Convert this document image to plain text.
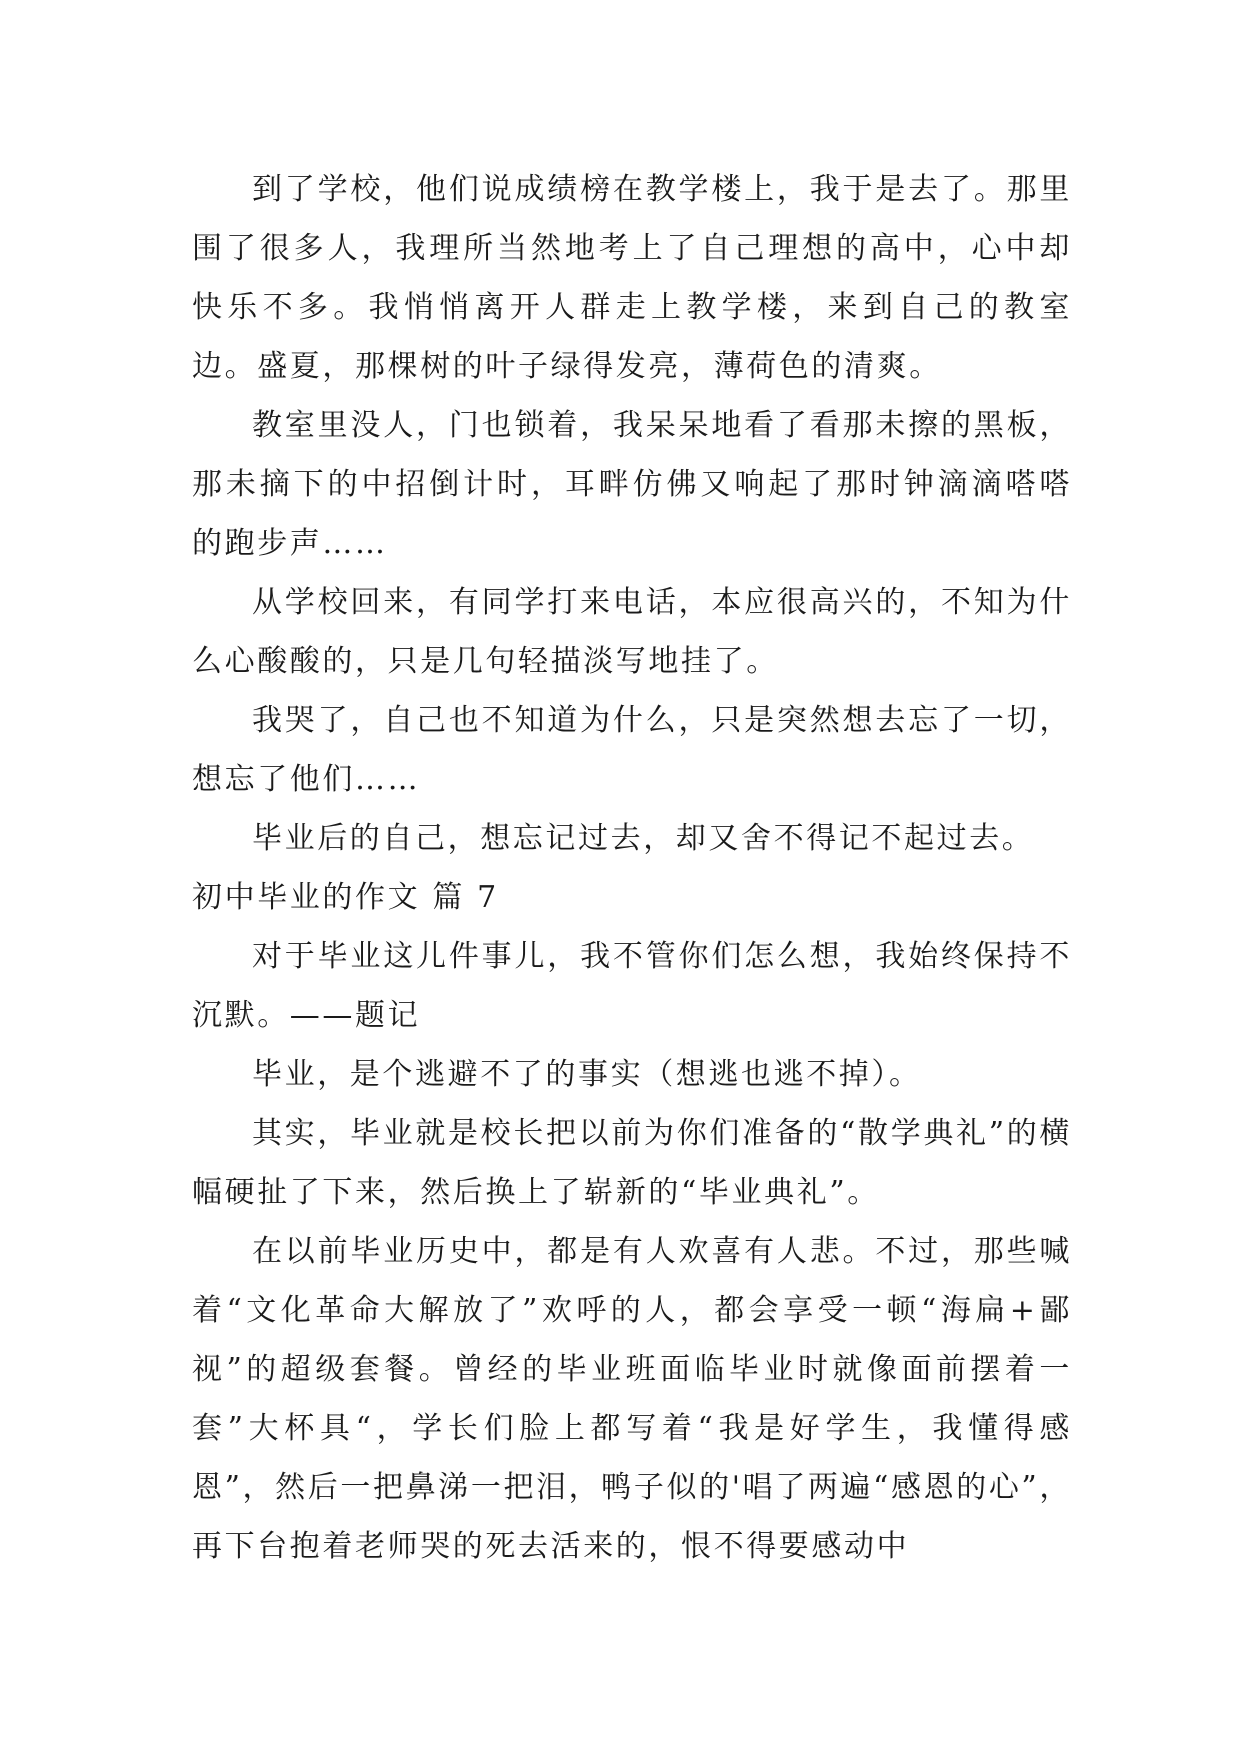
到了学校，他们说成绩榜在教学楼上，我于是去了。那里围了很多人，我理所当然地考上了自己理想的高中，心中却快乐不多。我悄悄离开人群走上教学楼，来到自己的教室边。盛夏，那棵树的叶子绿得发亮，薄荷色的清爽。

教室里没人，门也锁着，我呆呆地看了看那未擦的黑板，那未摘下的中招倒计时，耳畔仿佛又响起了那时钟滴滴嗒嗒的跑步声……

从学校回来，有同学打来电话，本应很高兴的，不知为什么心酸酸的，只是几句轻描淡写地挂了。

我哭了，自己也不知道为什么，只是突然想去忘了一切，想忘了他们……

毕业后的自己，想忘记过去，却又舍不得记不起过去。

初中毕业的作文 篇 7

对于毕业这儿件事儿，我不管你们怎么想，我始终保持不沉默。——题记

毕业，是个逃避不了的事实（想逃也逃不掉）。

其实，毕业就是校长把以前为你们准备的“散学典礼”的横幅硬扯了下来，然后换上了崭新的“毕业典礼”。

在以前毕业历史中，都是有人欢喜有人悲。不过，那些喊着“文化革命大解放了”欢呼的人，都会享受一顿“海扁+鄙视”的超级套餐。曾经的毕业班面临毕业时就像面前摆着一套”大杯具“，学长们脸上都写着“我是好学生，我懂得感恩”，然后一把鼻涕一把泪，鸭子似的'唱了两遍“感恩的心”，再下台抱着老师哭的死去活来的，恨不得要感动中
